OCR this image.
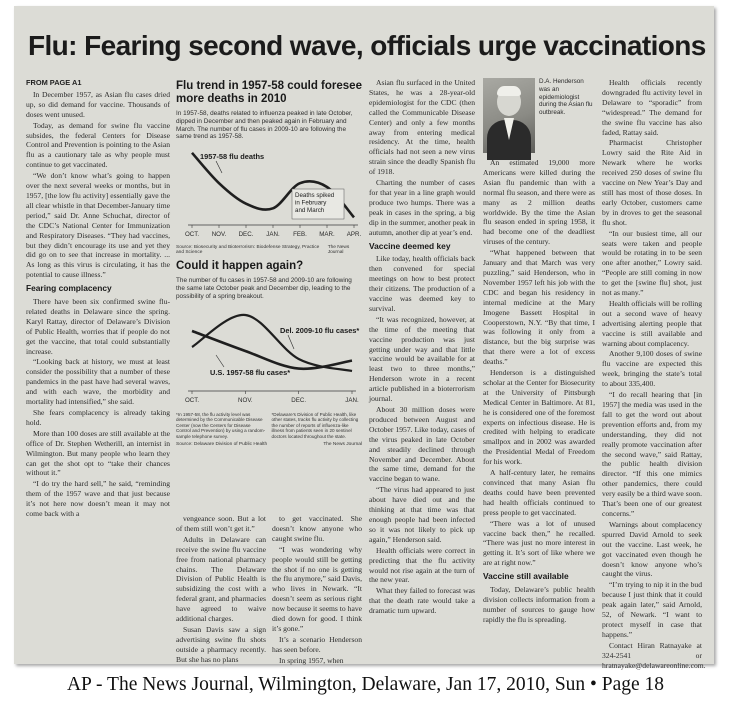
Flu: Fearing second wave, officials urge vaccinations
FROM PAGE A1

In December 1957, as Asian flu cases dried up, so did demand for vaccine. Thousands of doses went unused.

Today, as demand for swine flu vaccine subsides, the federal Centers for Disease Control and Prevention is pointing to the Asian flu as a cautionary tale as why people must continue to get vaccinated.

“We don’t know what’s going to happen over the next several weeks or months, but in 1957, [the low flu activity] essentially gave the all clear whistle in that December-January time period,” said Dr. Anne Schuchat, director of the CDC’s National Center for Immunization and Respiratory Diseases. “They had vaccines, but they didn’t encourage its use and yet they did go on to see that increase in mortality. ... As long as this virus is circulating, it has the potential to cause illness.”

Fearing complacency

There have been six confirmed swine flu-related deaths in Delaware since the spring. Karyl Rattay, director of Delaware’s Division of Public Health, worries that if people do not get the vaccine, that total could substantially increase.

“Looking back at history, we must at least consider the possibility that a number of these pandemics in the past have had several waves, and with each wave, the morbidity and mortality had intensified,” she said.

She fears complacency is already taking hold.

More than 100 doses are still available at the office of Dr. Stephen Wetherill, an internist in Wilmington. But many people who learn they can get the shot opt to “take their chances without it.”

“I do try the hard sell,” he said, “reminding them of the 1957 wave and that just because it’s not here now doesn’t mean it may not come back with a

Flu trend in 1957-58 could foresee more deaths in 2010
In 1957-58, deaths related to influenza peaked in late October, dipped in December and then peaked again in February and March. The number of flu cases in 2009-10 are following the same trend as 1957-58.
OCT. NOV. DEC. JAN. FEB. MAR. APR.
1957-58 flu deaths
Deaths spiked
in February
and March
Source: Biosecurity and Bioterrorism: Biodefense Strategy, Practice and Science
The News Journal
Could it happen again?
The number of flu cases in 1957-58 and 2009-10 are following the same late October peak and December dip, leading to the possibility of a spring breakout.
OCT.	NOV.	DEC.	JAN.
U.S. 1957-58 flu cases*
Del. 2009-10 flu cases*
*In 1957-58, the flu activity level was determined by the Communicable Disease Center (now the Centers for Disease Control and Prevention) by using a random-sample telephone survey.
*Delaware’s Division of Public Health, like other states, tracks flu activity by collecting the number of reports of influenza-like illness from patients seen in 20 sentinel doctors located throughout the state.
Source: Delaware Division of Public Health	The News Journal

vengeance soon. But a lot of them still won’t get it.”

Adults in Delaware can receive the swine flu vaccine free from national pharmacy chains. The Delaware Division of Public Health is subsidizing the cost with a federal grant, and pharmacies have agreed to waive additional charges.

Susan Davis saw a sign advertising swine flu shots outside a pharmacy recently. But she has no plans

to get vaccinated. She doesn’t know anyone who caught swine flu.

“I was wondering why people would still be getting the shot if no one is getting the flu anymore,” said Davis, who lives in Newark. “It doesn’t seem as serious right now because it seems to have died down for good. I think it’s gone.”

It’s a scenario Henderson has seen before.

In spring 1957, when

Asian flu surfaced in the United States, he was a 28-year-old epidemiologist for the CDC (then called the Communicable Disease Center) and only a few months away from entering medical residency. At the time, health officials had not seen a new virus strain since the deadly Spanish flu of 1918.

Charting the number of cases for that year in a line graph would produce two humps. There was a peak in cases in the spring, a big dip in the summer, another peak in autumn, another dip at year’s end.

Vaccine deemed key

Like today, health officials back then convened for special meetings on how to best protect their citizens. The production of a vaccine was deemed key to survival.

“It was recognized, however, at the time of the meeting that vaccine production was just getting under way and that little vaccine would be available for at least two to three months,” Henderson wrote in a recent article published in a bioterrorism journal.

About 30 million doses were produced between August and October 1957. Like today, cases of the virus peaked in late October and steadily declined through November and December. About the same time, demand for the vaccine began to wane.

“The virus had appeared to just about have died out and the thinking at that time was that enough people had been infected so it was not likely to pick up again,” Henderson said.

Health officials were correct in predicting that the flu activity would not rise again at the turn of the new year.

What they failed to forecast was that the death rate would take a dramatic turn upward.

D.A. Henderson was an epidemiologist during the Asian flu outbreak.

An estimated 19,000 more Americans were killed during the Asian flu pandemic than with a normal flu season, and there were as many as 2 million deaths worldwide. By the time the Asian flu season ended in spring 1958, it had become one of the deadliest viruses of the century.

“What happened between that January and that March was very puzzling,” said Henderson, who in November 1957 left his job with the CDC and began his residency in internal medicine at the Mary Imogene Bassett Hospital in Cooperstown, N.Y. “By that time, I was following it only from a distance, but the big surprise was that there were a lot of excess deaths.”

Henderson is a distinguished scholar at the Center for Biosecurity at the University of Pittsburgh Medical Center in Baltimore. At 81, he is considered one of the foremost experts on infectious disease. He is credited with helping to eradicate smallpox and in 2002 was awarded the Presidential Medal of Freedom for his work.

A half-century later, he remains convinced that many Asian flu deaths could have been prevented had health officials continued to press people to get vaccinated.

“There was a lot of unused vaccine back then,” he recalled. “There was just no more interest in getting it. It’s sort of like where we are at right now.”

Vaccine still available

Today, Delaware’s public health division collects information from a number of sources to gauge how rapidly the flu is spreading.

Health officials recently downgraded flu activity level in Delaware to “sporadic” from “widespread.” The demand for the swine flu vaccine has also faded, Rattay said.

Pharmacist Christopher Lowry said the Rite Aid in Newark where he works received 250 doses of swine flu vaccine on New Year’s Day and still has most of those doses. In early October, customers came by in droves to get the seasonal flu shot.

“In our busiest time, all our seats were taken and people would be rotating in to be seen one after another,” Lowry said. “People are still coming in now to get the [swine flu] shot, just not as many.”

Health officials will be rolling out a second wave of heavy advertising alerting people that vaccine is still available and warning about complacency.

Another 9,100 doses of swine flu vaccine are expected this week, bringing the state’s total to about 335,400.

“I do recall hearing that [in 1957] the media was used in the fall to get the word out about prevention efforts and, from my understanding, they did not really promote vaccination after the second wave,” said Rattay, the public health division director. “If this one mimics other pandemics, there could very easily be a third wave soon. That’s been one of our greatest concerns.”

Warnings about complacency spurred David Arnold to seek out the vaccine. Last week, he got vaccinated even though he doesn’t know anyone who’s caught the virus.

“I’m trying to nip it in the bud because I just think that it could peak again later,” said Arnold, 52, of Newark. “I want to protect myself in case that happens.”

Contact Hiran Ratnayake at 324-2541 or hratnayake@delawareonline.com.

AP - The News Journal, Wilmington, Delaware, Jan 17, 2010, Sun • Page 18
